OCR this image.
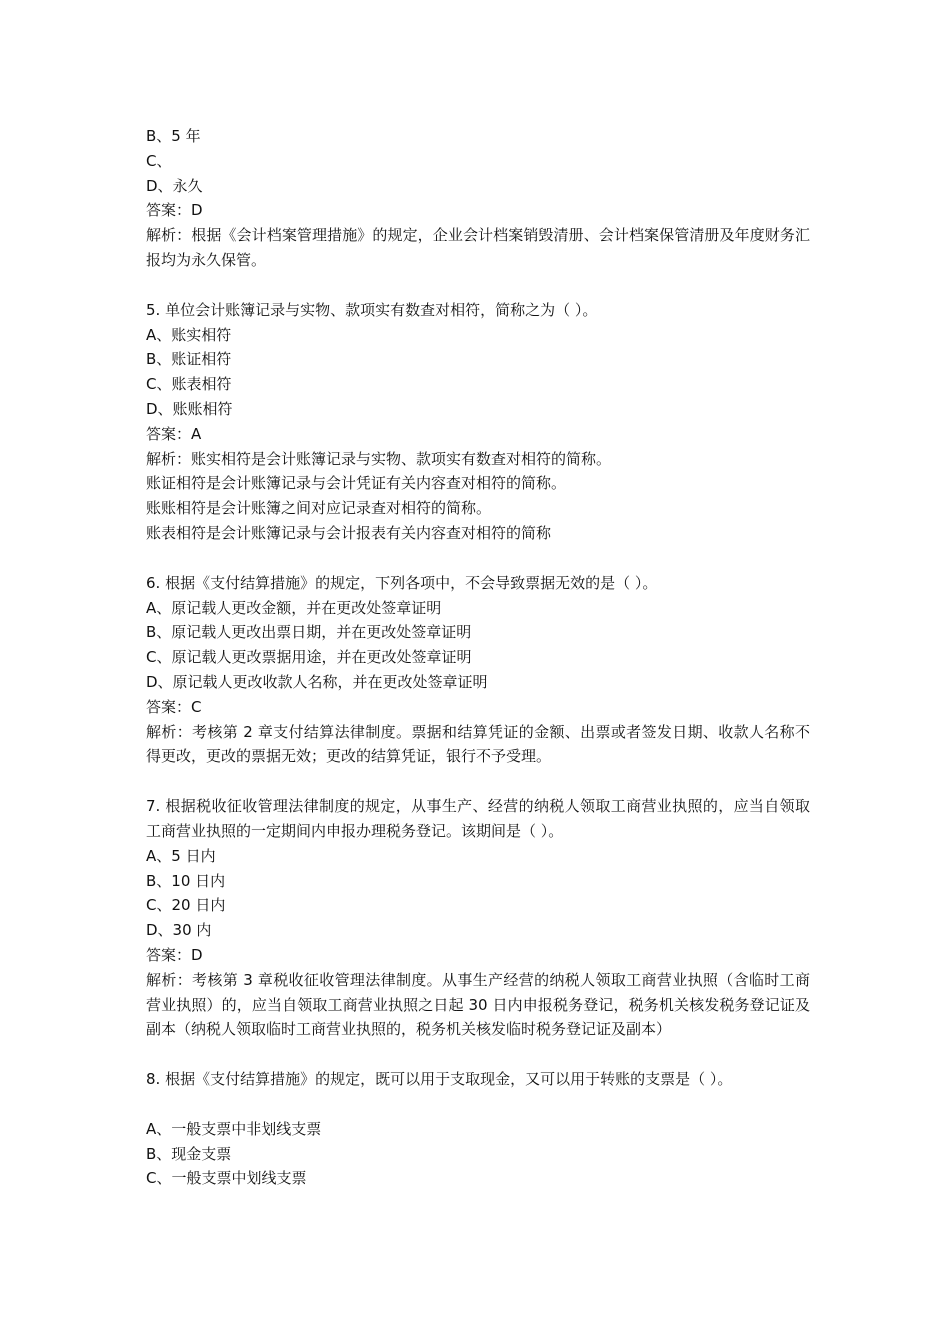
B、5 年

C、

D、永久

答案：D

解析：根据《会计档案管理措施》的规定，企业会计档案销毁清册、会计档案保管清册及年度财务汇报均为永久保管。

5. 单位会计账簿记录与实物、款项实有数查对相符，简称之为（ ）。

A、账实相符

B、账证相符

C、账表相符

D、账账相符

答案：A

解析：账实相符是会计账簿记录与实物、款项实有数查对相符的简称。

账证相符是会计账簿记录与会计凭证有关内容查对相符的简称。

账账相符是会计账簿之间对应记录查对相符的简称。

账表相符是会计账簿记录与会计报表有关内容查对相符的简称

6. 根据《支付结算措施》的规定，下列各项中，不会导致票据无效的是（ ）。

A、原记载人更改金额，并在更改处签章证明

B、原记载人更改出票日期，并在更改处签章证明

C、原记载人更改票据用途，并在更改处签章证明

D、原记载人更改收款人名称，并在更改处签章证明

答案：C

解析：考核第 2 章支付结算法律制度。票据和结算凭证的金额、出票或者签发日期、收款人名称不得更改，更改的票据无效；更改的结算凭证，银行不予受理。

7. 根据税收征收管理法律制度的规定，从事生产、经营的纳税人领取工商营业执照的，应当自领取工商营业执照的一定期间内申报办理税务登记。该期间是（ ）。

A、5 日内

B、10 日内

C、20 日内

D、30 内

答案：D

解析：考核第 3 章税收征收管理法律制度。从事生产经营的纳税人领取工商营业执照（含临时工商营业执照）的，应当自领取工商营业执照之日起 30 日内申报税务登记，税务机关核发税务登记证及副本（纳税人领取临时工商营业执照的，税务机关核发临时税务登记证及副本）

8. 根据《支付结算措施》的规定，既可以用于支取现金，又可以用于转账的支票是（ ）。

A、一般支票中非划线支票

B、现金支票

C、一般支票中划线支票
